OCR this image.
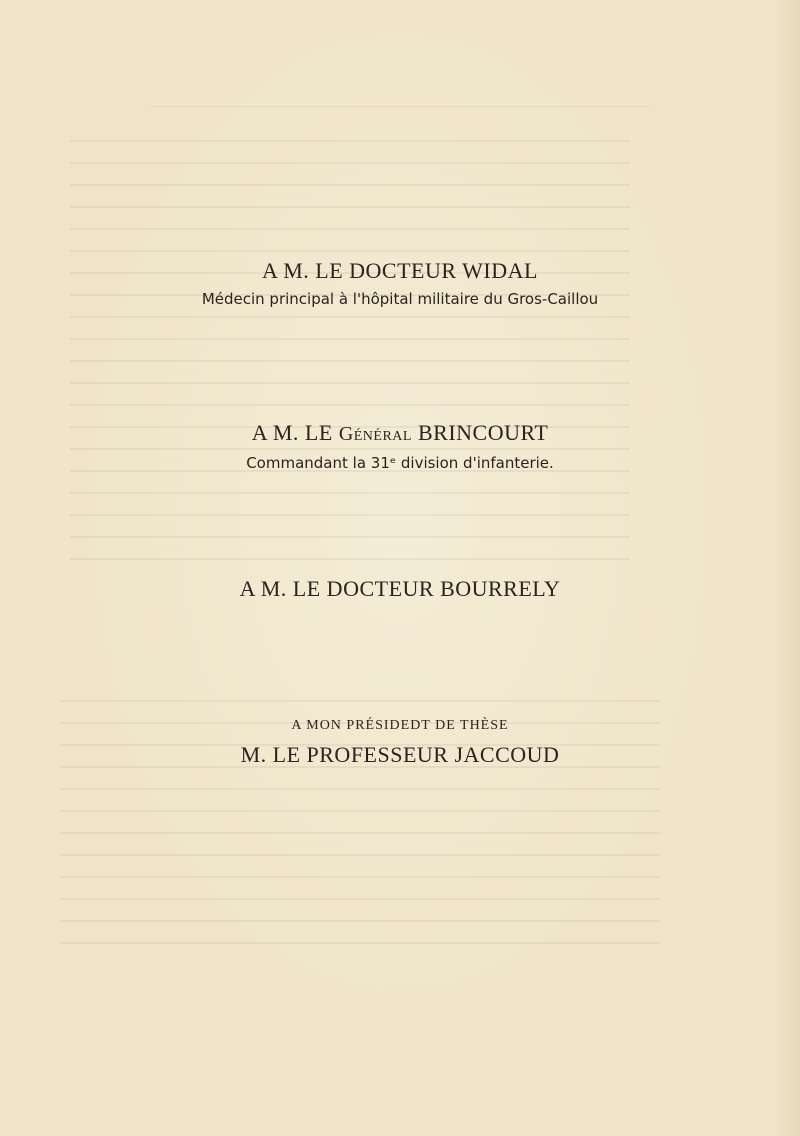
A M. LE DOCTEUR WIDAL
Médecin principal à l'hôpital militaire du Gros-Caillou
A M. LE Général BRINCOURT
Commandant la 31ᵉ division d'infanterie.
A M. LE DOCTEUR BOURRELY
A MON PRÉSIDEDT DE THÈSE
M. LE PROFESSEUR JACCOUD
